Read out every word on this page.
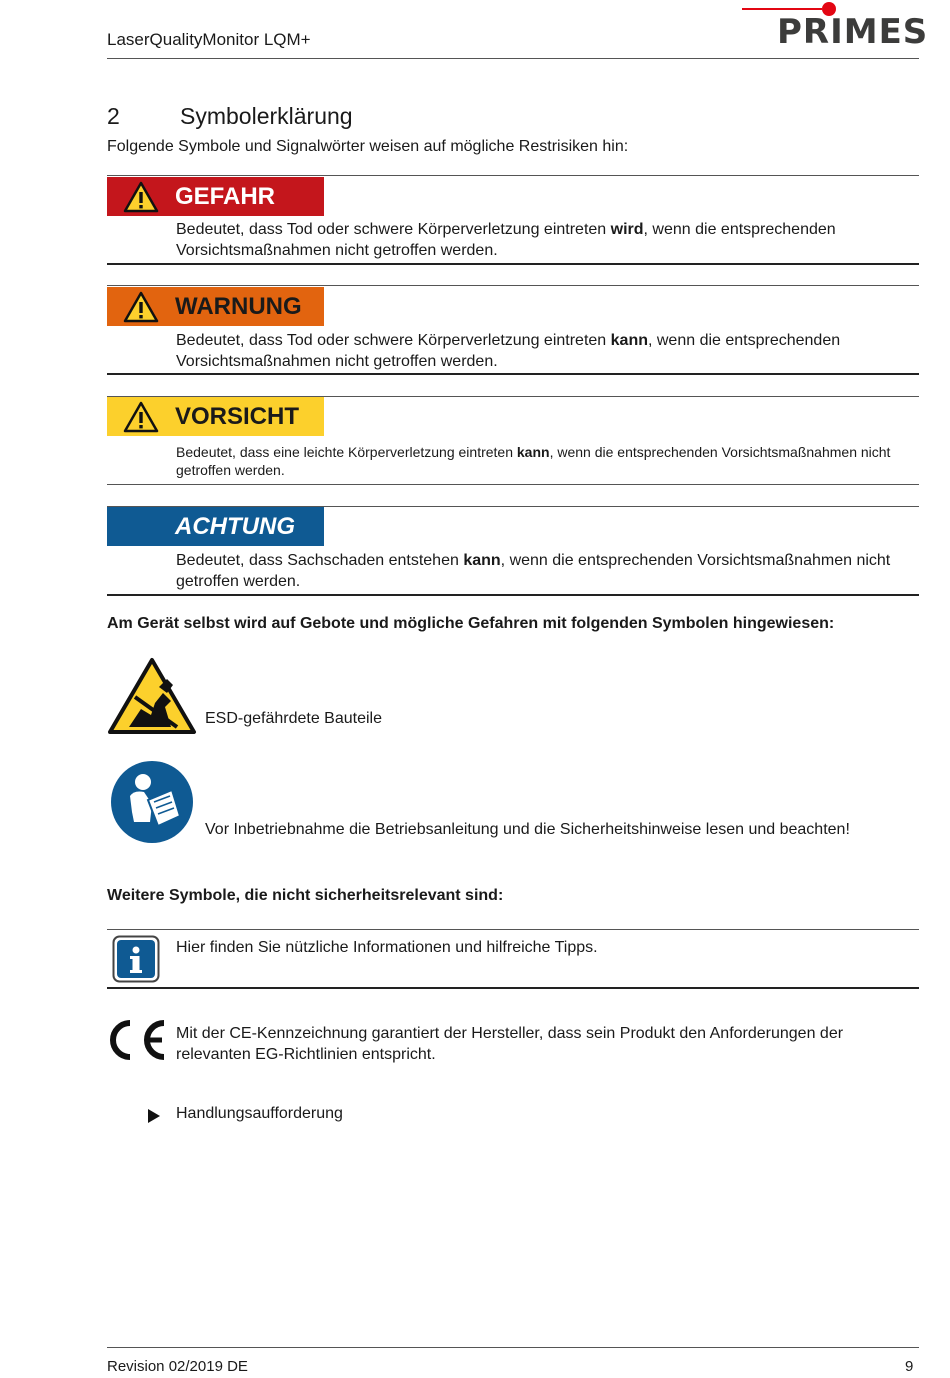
LaserQualityMonitor LQM+	PRIMES
2	Symbolerklärung
Folgende Symbole und Signalwörter weisen auf mögliche Restrisiken hin:
GEFAHR
Bedeutet, dass Tod oder schwere Körperverletzung eintreten wird, wenn die entsprechenden Vorsichtsmaßnahmen nicht getroffen werden.
WARNUNG
Bedeutet, dass Tod oder schwere Körperverletzung eintreten kann, wenn die entsprechenden Vorsichtsmaßnahmen nicht getroffen werden.
VORSICHT
Bedeutet, dass eine leichte Körperverletzung eintreten kann, wenn die entsprechenden Vorsichtsmaßnahmen nicht getroffen werden.
ACHTUNG
Bedeutet, dass Sachschaden entstehen kann, wenn die entsprechenden Vorsichtsmaßnahmen nicht getroffen werden.
Am Gerät selbst wird auf Gebote und mögliche Gefahren mit folgenden Symbolen hingewiesen:
ESD-gefährdete Bauteile
Vor Inbetriebnahme die Betriebsanleitung und die Sicherheitshinweise lesen und beachten!
Weitere Symbole, die nicht sicherheitsrelevant sind:
Hier finden Sie nützliche Informationen und hilfreiche Tipps.
Mit der CE-Kennzeichnung garantiert der Hersteller, dass sein Produkt den Anforderungen der relevanten EG-Richtlinien entspricht.
Handlungsaufforderung
Revision 02/2019 DE	9
